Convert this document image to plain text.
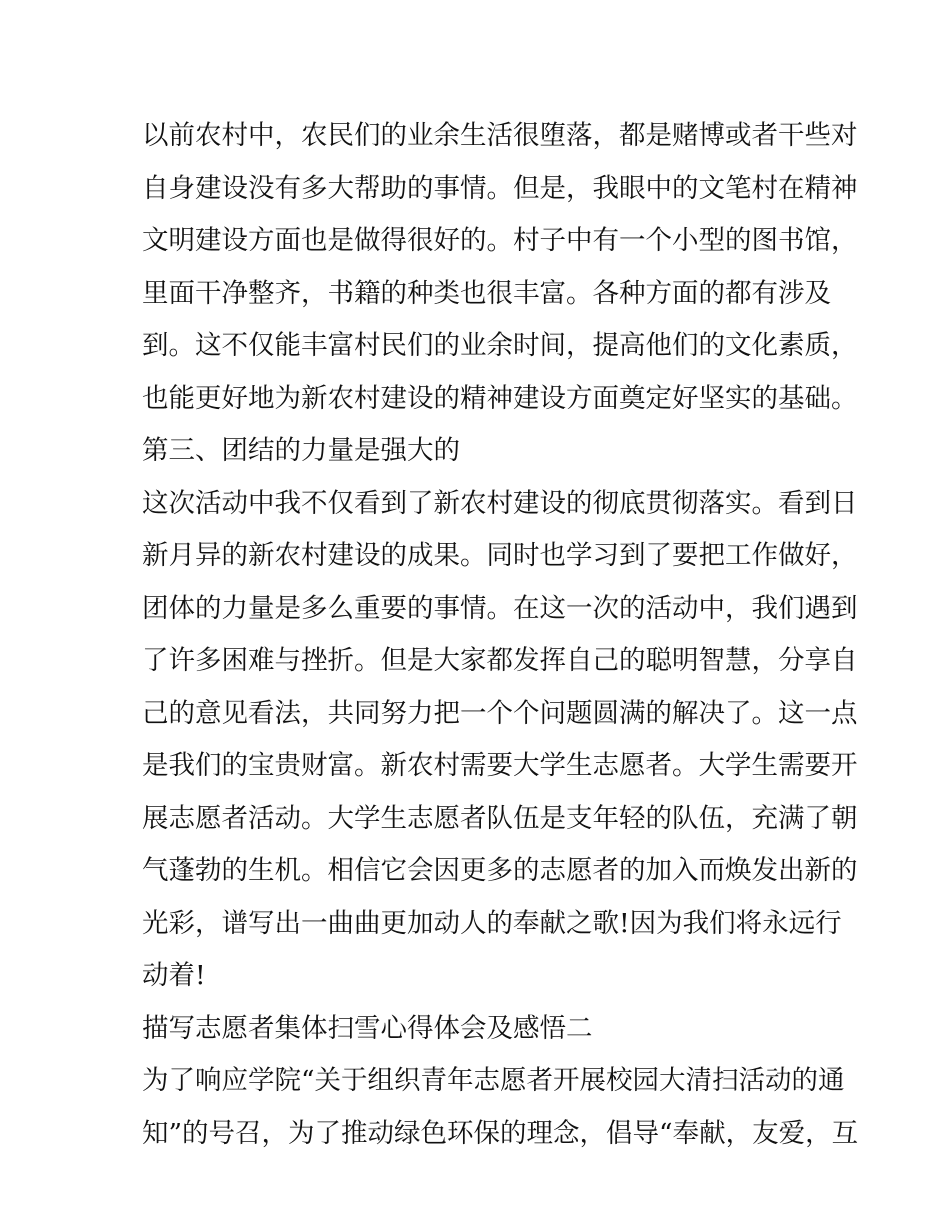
以前农村中，农民们的业余生活很堕落，都是赌博或者干些对
自身建设没有多大帮助的事情。但是，我眼中的文笔村在精神
文明建设方面也是做得很好的。村子中有一个小型的图书馆，
里面干净整齐，书籍的种类也很丰富。各种方面的都有涉及
到。这不仅能丰富村民们的业余时间，提高他们的文化素质，
也能更好地为新农村建设的精神建设方面奠定好坚实的基础。
第三、团结的力量是强大的
这次活动中我不仅看到了新农村建设的彻底贯彻落实。看到日
新月异的新农村建设的成果。同时也学习到了要把工作做好，
团体的力量是多么重要的事情。在这一次的活动中，我们遇到
了许多困难与挫折。但是大家都发挥自己的聪明智慧，分享自
己的意见看法，共同努力把一个个问题圆满的解决了。这一点
是我们的宝贵财富。新农村需要大学生志愿者。大学生需要开
展志愿者活动。大学生志愿者队伍是支年轻的队伍，充满了朝
气蓬勃的生机。相信它会因更多的志愿者的加入而焕发出新的
光彩，谱写出一曲曲更加动人的奉献之歌!因为我们将永远行
动着!
描写志愿者集体扫雪心得体会及感悟二
为了响应学院“关于组织青年志愿者开展校园大清扫活动的通
知”的号召，为了推动绿色环保的理念，倡导“奉献，友爱，互
